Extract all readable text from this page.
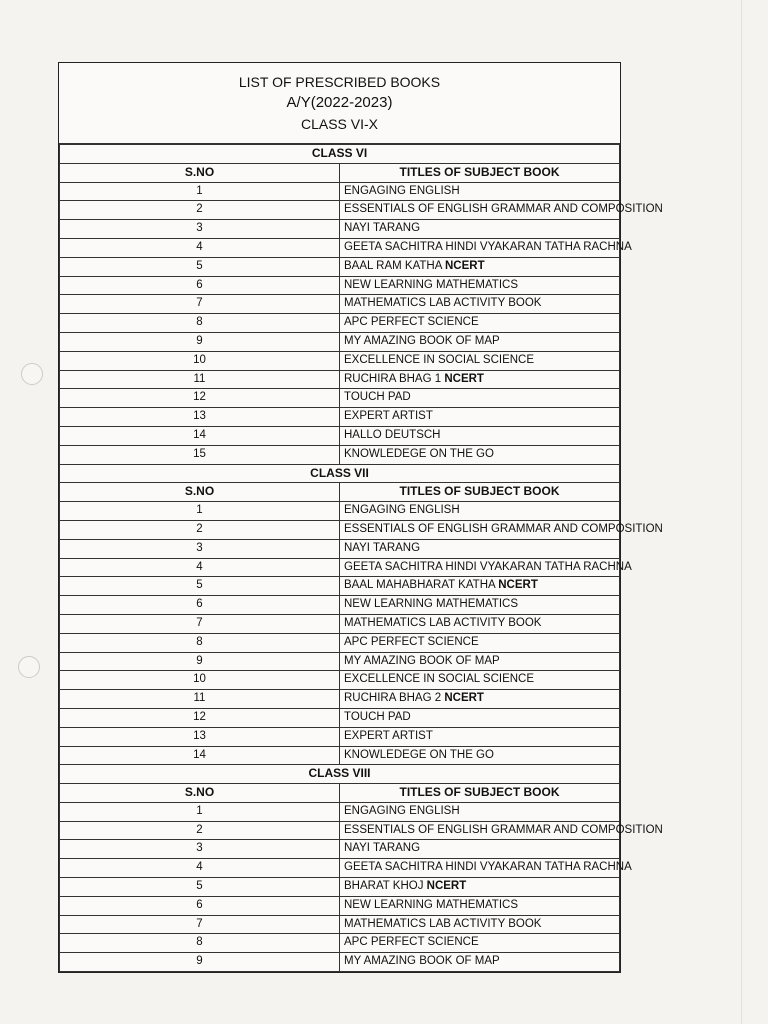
LIST OF PRESCRIBED BOOKS
A/Y(2022-2023)
CLASS VI-X
CLASS VI	
S.NO	TITLES OF SUBJECT BOOK
1	ENGAGING ENGLISH
2	ESSENTIALS OF ENGLISH GRAMMAR AND COMPOSITION
3	NAYI TARANG
4	GEETA SACHITRA HINDI VYAKARAN TATHA RACHNA
5	BAAL RAM KATHA NCERT
6	NEW LEARNING MATHEMATICS
7	MATHEMATICS LAB ACTIVITY BOOK
8	APC PERFECT SCIENCE
9	MY AMAZING BOOK OF MAP
10	EXCELLENCE IN SOCIAL SCIENCE
11	RUCHIRA BHAG 1 NCERT
12	TOUCH PAD
13	EXPERT ARTIST
14	HALLO DEUTSCH
15	KNOWLEDEGE ON THE GO
CLASS VII	
S.NO	TITLES OF SUBJECT BOOK
1	ENGAGING ENGLISH
2	ESSENTIALS OF ENGLISH GRAMMAR AND COMPOSITION
3	NAYI TARANG
4	GEETA SACHITRA HINDI VYAKARAN TATHA RACHNA
5	BAAL MAHABHARAT KATHA NCERT
6	NEW LEARNING MATHEMATICS
7	MATHEMATICS LAB ACTIVITY BOOK
8	APC PERFECT SCIENCE
9	MY AMAZING BOOK OF MAP
10	EXCELLENCE IN SOCIAL SCIENCE
11	RUCHIRA BHAG 2 NCERT
12	TOUCH PAD
13	EXPERT ARTIST
14	KNOWLEDEGE ON THE GO
CLASS VIII	
S.NO	TITLES OF SUBJECT BOOK
1	ENGAGING ENGLISH
2	ESSENTIALS OF ENGLISH GRAMMAR AND COMPOSITION
3	NAYI TARANG
4	GEETA SACHITRA HINDI VYAKARAN TATHA RACHNA
5	BHARAT KHOJ NCERT
6	NEW LEARNING MATHEMATICS
7	MATHEMATICS LAB ACTIVITY BOOK
8	APC PERFECT SCIENCE
9	MY AMAZING BOOK OF MAP
